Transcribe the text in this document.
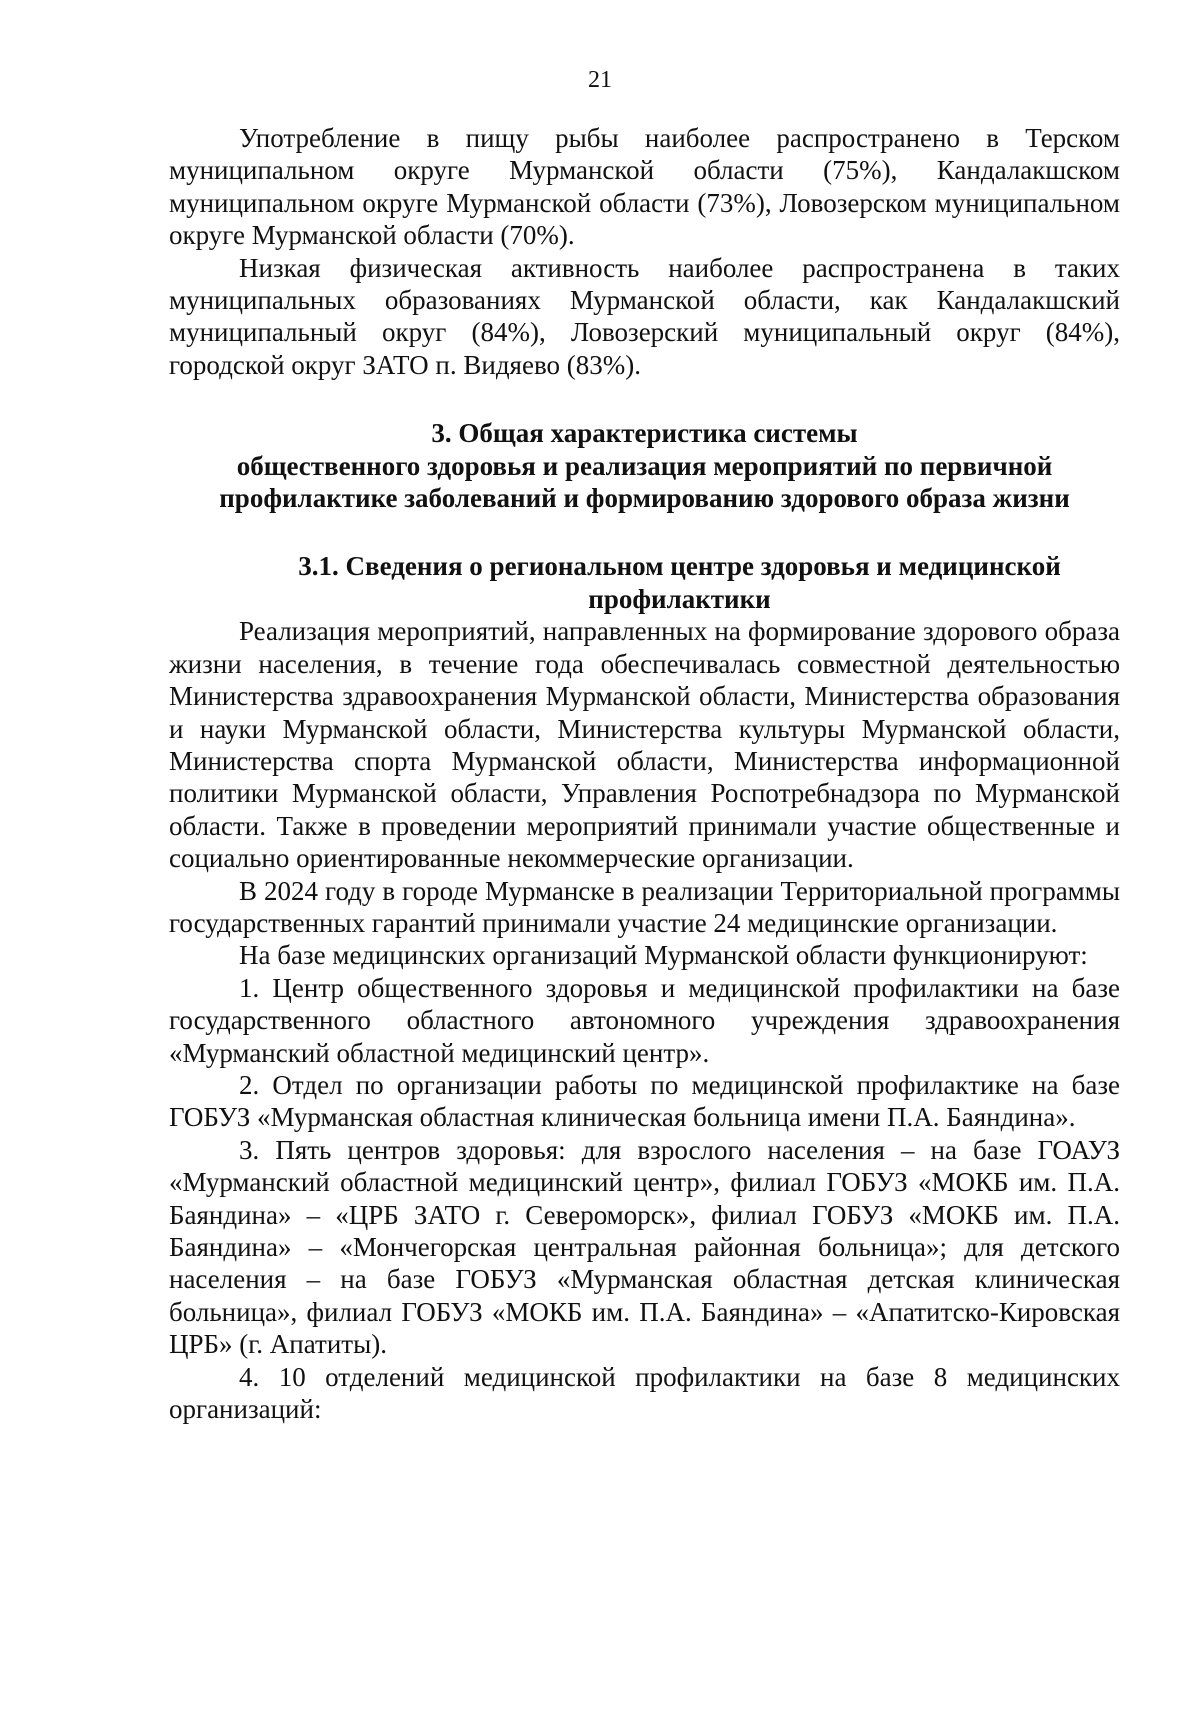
21

Употребление в пищу рыбы наиболее распространено в Терском муниципальном округе Мурманской области (75%), Кандалакшском муниципальном округе Мурманской области (73%), Ловозерском муниципальном округе Мурманской области (70%).

Низкая физическая активность наиболее распространена в таких муниципальных образованиях Мурманской области, как Кандалакшский муниципальный округ (84%), Ловозерский муниципальный округ (84%), городской округ ЗАТО п. Видяево (83%).

3. Общая характеристика системы
общественного здоровья и реализация мероприятий по первичной
профилактике заболеваний и формированию здорового образа жизни
3.1. Сведения о региональном центре здоровья и медицинской
профилактики

Реализация мероприятий, направленных на формирование здорового образа жизни населения, в течение года обеспечивалась совместной деятельностью Министерства здравоохранения Мурманской области, Министерства образования и науки Мурманской области, Министерства культуры Мурманской области, Министерства спорта Мурманской области, Министерства информационной политики Мурманской области, Управления Роспотребнадзора по Мурманской области. Также в проведении мероприятий принимали участие общественные и социально ориентированные некоммерческие организации.

В 2024 году в городе Мурманске в реализации Территориальной программы государственных гарантий принимали участие 24 медицинские организации.

На базе медицинских организаций Мурманской области функционируют:

1. Центр общественного здоровья и медицинской профилактики на базе государственного областного автономного учреждения здравоохранения «Мурманский областной медицинский центр».

2. Отдел по организации работы по медицинской профилактике на базе ГОБУЗ «Мурманская областная клиническая больница имени П.А. Баяндина».

3. Пять центров здоровья: для взрослого населения – на базе ГОАУЗ «Мурманский областной медицинский центр», филиал ГОБУЗ «МОКБ им. П.А. Баяндина» – «ЦРБ ЗАТО г. Североморск», филиал ГОБУЗ «МОКБ им. П.А. Баяндина» – «Мончегорская центральная районная больница»; для детского населения – на базе ГОБУЗ «Мурманская областная детская клиническая больница», филиал ГОБУЗ «МОКБ им. П.А. Баяндина» – «Апатитско-Кировская ЦРБ» (г. Апатиты).

4. 10 отделений медицинской профилактики на базе 8 медицинских организаций:
